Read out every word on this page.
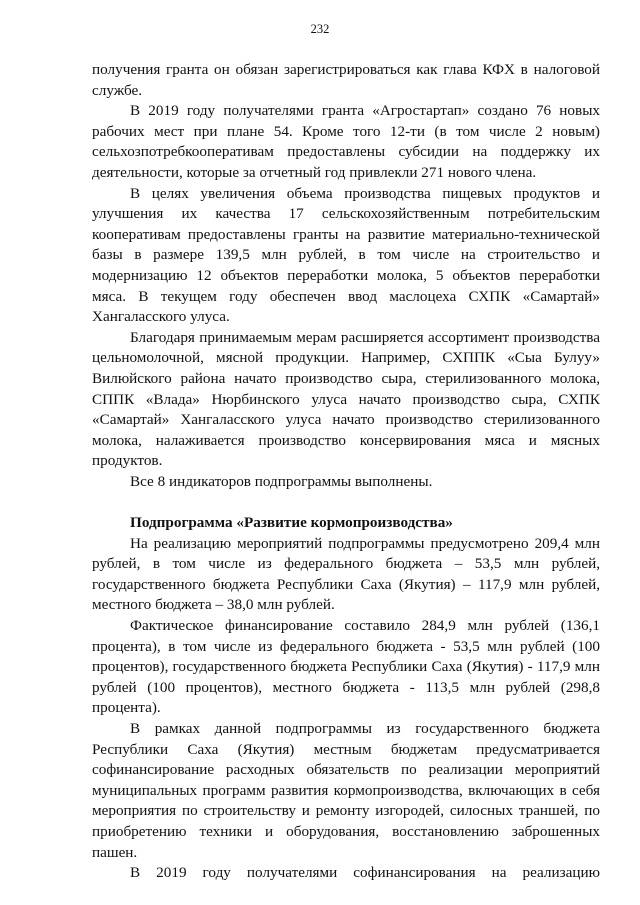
232

получения гранта он обязан зарегистрироваться как глава КФХ в налоговой службе.

В 2019 году получателями гранта «Агростартап» создано 76 новых рабочих мест при плане 54. Кроме того 12-ти (в том числе 2 новым) сельхозпотребкооперативам предоставлены субсидии на поддержку их деятельности, которые за отчетный год привлекли 271 нового члена.

В целях увеличения объема производства пищевых продуктов и улучшения их качества 17 сельскохозяйственным потребительским кооперативам предоставлены гранты на развитие материально-технической базы в размере 139,5 млн рублей, в том числе на строительство и модернизацию 12 объектов переработки молока, 5 объектов переработки мяса. В текущем году обеспечен ввод маслоцеха СХПК «Самартай» Хангаласского улуса.

Благодаря принимаемым мерам расширяется ассортимент производства цельномолочной, мясной продукции. Например, СХППК «Сыа Булуу» Вилюйского района начато производство сыра, стерилизованного молока, СППК «Влада» Нюрбинского улуса начато производство сыра, СХПК «Самартай» Хангаласского улуса начато производство стерилизованного молока, налаживается производство консервирования мяса и мясных продуктов.

Все 8 индикаторов подпрограммы выполнены.

Подпрограмма «Развитие кормопроизводства»

На реализацию мероприятий подпрограммы предусмотрено 209,4 млн рублей, в том числе из федерального бюджета – 53,5 млн рублей, государственного бюджета Республики Саха (Якутия) – 117,9 млн рублей, местного бюджета – 38,0 млн рублей.

Фактическое финансирование составило 284,9 млн рублей (136,1 процента), в том числе из федерального бюджета - 53,5 млн рублей (100 процентов), государственного бюджета Республики Саха (Якутия) - 117,9 млн рублей (100 процентов), местного бюджета - 113,5 млн рублей (298,8 процента).

В рамках данной подпрограммы из государственного бюджета Республики Саха (Якутия) местным бюджетам предусматривается софинансирование расходных обязательств по реализации мероприятий муниципальных программ развития кормопроизводства, включающих в себя мероприятия по строительству и ремонту изгородей, силосных траншей, по приобретению техники и оборудования, восстановлению заброшенных пашен.

В 2019 году получателями софинансирования на реализацию
